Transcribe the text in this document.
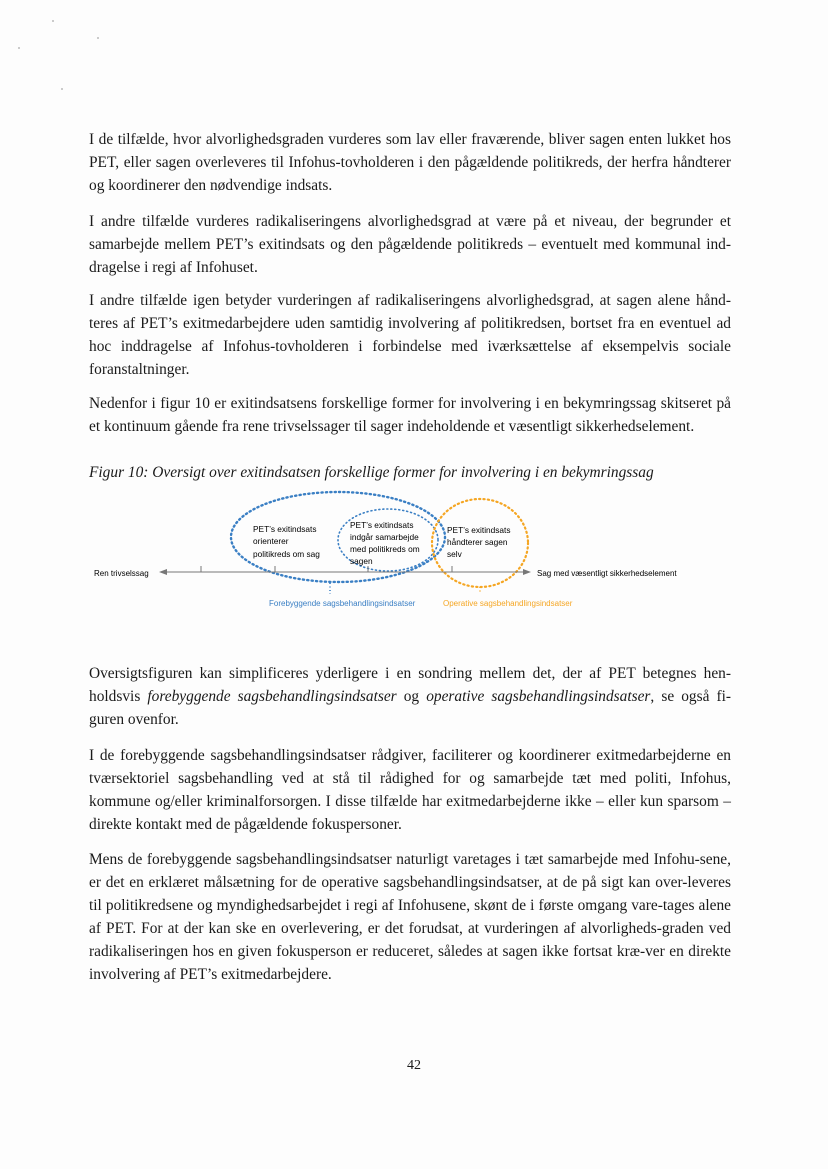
I de tilfælde, hvor alvorlighedsgraden vurderes som lav eller fraværende, bliver sagen enten lukket hos PET, eller sagen overleveres til Infohus-tovholderen i den pågældende politikreds, der herfra håndterer og koordinerer den nødvendige indsats.

I andre tilfælde vurderes radikaliseringens alvorlighedsgrad at være på et niveau, der begrunder et samarbejde mellem PET’s exitindsats og den pågældende politikreds – eventuelt med kommunal ind-dragelse i regi af Infohuset.

I andre tilfælde igen betyder vurderingen af radikaliseringens alvorlighedsgrad, at sagen alene hånd-teres af PET’s exitmedarbejdere uden samtidig involvering af politikredsen, bortset fra en eventuel ad hoc inddragelse af Infohus-tovholderen i forbindelse med iværksættelse af eksempelvis sociale foranstaltninger.

Nedenfor i figur 10 er exitindsatsens forskellige former for involvering i en bekymringssag skitseret på et kontinuum gående fra rene trivselssager til sager indeholdende et væsentligt sikkerhedselement.

Figur 10: Oversigt over exitindsatsen forskellige former for involvering i en bekymringssag

Ren trivselssag	Sag med væsentligt sikkerhedselement
PET’s exitindsats orienterer politikreds om sag
PET’s exitindsats indgår samarbejde med politikreds om sagen
PET’s exitindsats håndterer sagen selv
Forebyggende sagsbehandlingsindsatser	Operative sagsbehandlingsindsatser

Oversigtsfiguren kan simplificeres yderligere i en sondring mellem det, der af PET betegnes hen-holdsvis forebyggende sagsbehandlingsindsatser og operative sagsbehandlingsindsatser, se også fi-guren ovenfor.

I de forebyggende sagsbehandlingsindsatser rådgiver, faciliterer og koordinerer exitmedarbejderne en tværsektoriel sagsbehandling ved at stå til rådighed for og samarbejde tæt med politi, Infohus, kommune og/eller kriminalforsorgen. I disse tilfælde har exitmedarbejderne ikke – eller kun sparsom – direkte kontakt med de pågældende fokuspersoner.

Mens de forebyggende sagsbehandlingsindsatser naturligt varetages i tæt samarbejde med Infohu-sene, er det en erklæret målsætning for de operative sagsbehandlingsindsatser, at de på sigt kan over-leveres til politikredsene og myndighedsarbejdet i regi af Infohusene, skønt de i første omgang vare-tages alene af PET. For at der kan ske en overlevering, er det forudsat, at vurderingen af alvorligheds-graden ved radikaliseringen hos en given fokusperson er reduceret, således at sagen ikke fortsat kræ-ver en direkte involvering af PET’s exitmedarbejdere.

42
